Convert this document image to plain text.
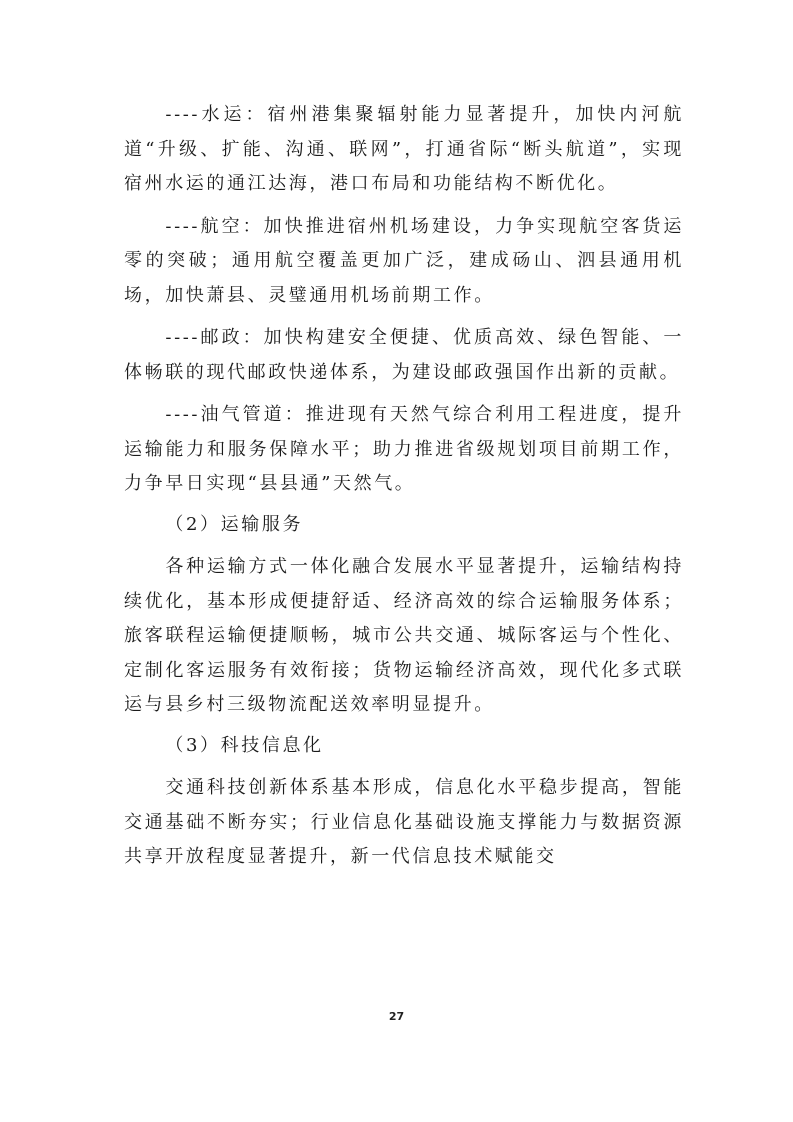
----水运：宿州港集聚辐射能力显著提升，加快内河航道“升级、扩能、沟通、联网”，打通省际“断头航道”，实现宿州水运的通江达海，港口布局和功能结构不断优化。

----航空：加快推进宿州机场建设，力争实现航空客货运零的突破；通用航空覆盖更加广泛，建成砀山、泗县通用机场，加快萧县、灵璧通用机场前期工作。

----邮政：加快构建安全便捷、优质高效、绿色智能、一体畅联的现代邮政快递体系，为建设邮政强国作出新的贡献。

----油气管道：推进现有天然气综合利用工程进度，提升运输能力和服务保障水平；助力推进省级规划项目前期工作，力争早日实现“县县通”天然气。

（2）运输服务

各种运输方式一体化融合发展水平显著提升，运输结构持续优化，基本形成便捷舒适、经济高效的综合运输服务体系；旅客联程运输便捷顺畅，城市公共交通、城际客运与个性化、定制化客运服务有效衔接；货物运输经济高效，现代化多式联运与县乡村三级物流配送效率明显提升。

（3）科技信息化

交通科技创新体系基本形成，信息化水平稳步提高，智能交通基础不断夯实；行业信息化基础设施支撑能力与数据资源共享开放程度显著提升，新一代信息技术赋能交

27
